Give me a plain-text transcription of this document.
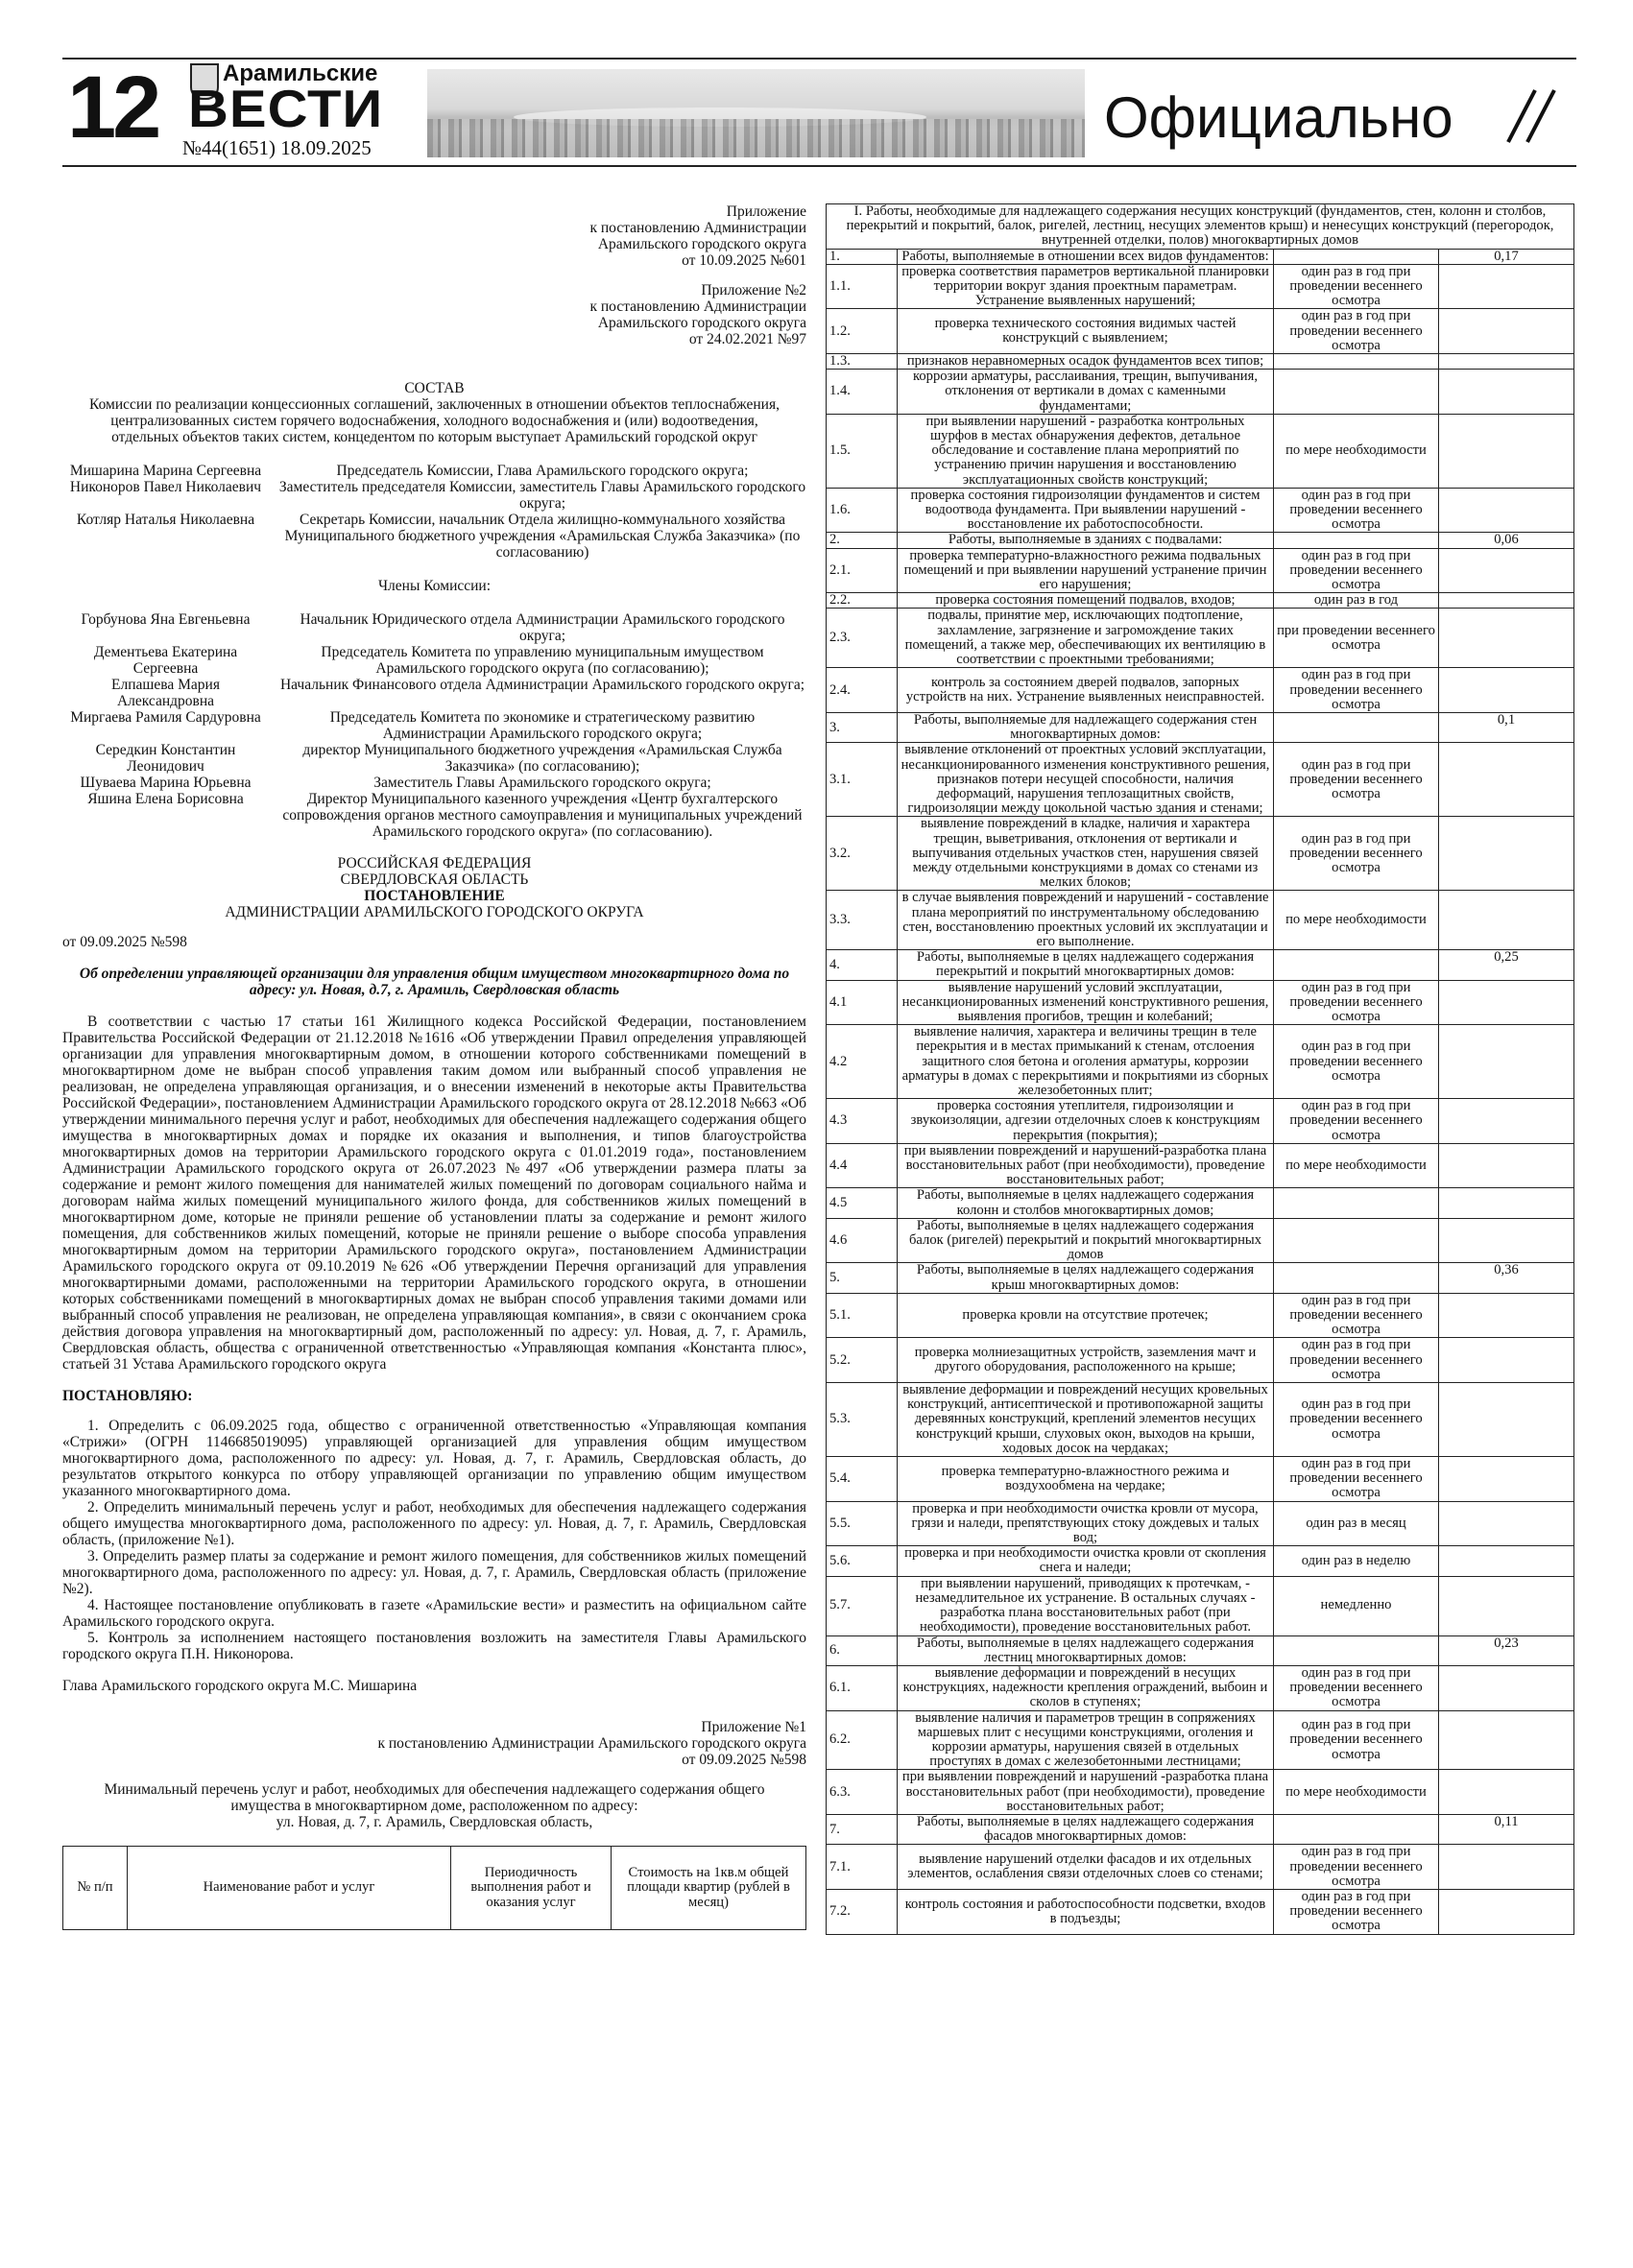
12	Арамильские
ВЕСТИ
№44(1651) 18.09.2025	Официально

Приложение

к постановлению Администрации

Арамильского городского округа

от 10.09.2025 №601

Приложение №2

к постановлению Администрации

Арамильского городского округа

от 24.02.2021 №97

СОСТАВ

Комиссии по реализации концессионных соглашений, заключенных в отношении объектов теплоснабжения, централизованных систем горячего водоснабжения, холодного водоснабжения и (или) водоотведения, отдельных объектов таких систем, концедентом по которым выступает Арамильский городской округ

Мишарина Марина Сергеевна	Председатель Комиссии, Глава Арамильского городского округа;
Никоноров Павел Николаевич	Заместитель председателя Комиссии, заместитель Главы Арамильского городского округа;
Котляр Наталья Николаевна	Секретарь Комиссии, начальник Отдела жилищно-коммунального хозяйства Муниципального бюджетного учреждения «Арамильская Служба Заказчика» (по согласованию)

Члены Комиссии:

Горбунова Яна Евгеньевна	Начальник Юридического отдела Администрации Арамильского городского округа;
Дементьева Екатерина Сергеевна	Председатель Комитета по управлению муниципальным имуществом Арамильского городского округа (по согласованию);
Елпашева Мария Александровна	Начальник Финансового отдела Администрации Арамильского городского округа;
Миргаева Рамиля Сардуровна	Председатель Комитета по экономике и стратегическому развитию Администрации Арамильского городского округа;
Середкин Константин Леонидович	директор Муниципального бюджетного учреждения «Арамильская Служба Заказчика» (по согласованию);
Шуваева Марина Юрьевна	Заместитель Главы Арамильского городского округа;
Яшина Елена Борисовна	Директор Муниципального казенного учреждения «Центр бухгалтерского сопровождения органов местного самоуправления и муниципальных учреждений Арамильского городского округа» (по согласованию).

РОССИЙСКАЯ ФЕДЕРАЦИЯ

СВЕРДЛОВСКАЯ ОБЛАСТЬ

ПОСТАНОВЛЕНИЕ

АДМИНИСТРАЦИИ АРАМИЛЬСКОГО ГОРОДСКОГО ОКРУГА

от 09.09.2025 №598

Об определении управляющей организации для управления общим имуществом многоквартирного дома по адресу: ул. Новая, д.7, г. Арамиль, Свердловская область

В соответствии с частью 17 статьи 161 Жилищного кодекса Российской Федерации, постановлением Правительства Российской Федерации от 21.12.2018 №1616 «Об утверждении Правил определения управляющей организации для управления многоквартирным домом, в отношении которого собственниками помещений в многоквартирном доме не выбран способ управления таким домом или выбранный способ управления не реализован, не определена управляющая организация, и о внесении изменений в некоторые акты Правительства Российской Федерации», постановлением Администрации Арамильского городского округа от 28.12.2018 №663 «Об утверждении минимального перечня услуг и работ, необходимых для обеспечения надлежащего содержания общего имущества в многоквартирных домах и порядке их оказания и выполнения, и типов благоустройства многоквартирных домов на территории Арамильского городского округа с 01.01.2019 года», постановлением Администрации Арамильского городского округа от 26.07.2023 №497 «Об утверждении размера платы за содержание и ремонт жилого помещения для нанимателей жилых помещений по договорам социального найма и договорам найма жилых помещений муниципального жилого фонда, для собственников жилых помещений в многоквартирном доме, которые не приняли решение об установлении платы за содержание и ремонт жилого помещения, для собственников жилых помещений, которые не приняли решение о выборе способа управления многоквартирным домом на территории Арамильского городского округа», постановлением Администрации Арамильского городского округа от 09.10.2019 №626 «Об утверждении Перечня организаций для управления многоквартирными домами, расположенными на территории Арамильского городского округа, в отношении которых собственниками помещений в многоквартирных домах не выбран способ управления такими домами или выбранный способ управления не реализован, не определена управляющая компания», в связи с окончанием срока действия договора управления на многоквартирный дом, расположенный по адресу: ул. Новая, д. 7, г. Арамиль, Свердловская область, общества с ограниченной ответственностью «Управляющая компания «Константа плюс», статьей 31 Устава Арамильского городского округа

ПОСТАНОВЛЯЮ:

1. Определить с 06.09.2025 года, общество с ограниченной ответственностью «Управляющая компания «Стрижи» (ОГРН 1146685019095) управляющей организацией для управления общим имуществом многоквартирного дома, расположенного по адресу: ул. Новая, д. 7, г. Арамиль, Свердловская область, до результатов открытого конкурса по отбору управляющей организации по управлению общим имуществом указанного многоквартирного дома.

2. Определить минимальный перечень услуг и работ, необходимых для обеспечения надлежащего содержания общего имущества многоквартирного дома, расположенного по адресу: ул. Новая, д. 7, г. Арамиль, Свердловская область, (приложение №1).

3. Определить размер платы за содержание и ремонт жилого помещения, для собственников жилых помещений многоквартирного дома, расположенного по адресу: ул. Новая, д. 7, г. Арамиль, Свердловская область (приложение №2).

4. Настоящее постановление опубликовать в газете «Арамильские вести» и разместить на официальном сайте Арамильского городского округа.

5. Контроль за исполнением настоящего постановления возложить на заместителя Главы Арамильского городского округа П.Н. Никонорова.

Глава Арамильского городского округа М.С. Мишарина

Приложение №1

к постановлению Администрации Арамильского городского округа

от 09.09.2025 №598

Минимальный перечень услуг и работ, необходимых для обеспечения надлежащего содержания общего имущества в многоквартирном доме, расположенном по адресу:

ул. Новая, д. 7, г. Арамиль, Свердловская область,

№ п/п	Наименование работ и услуг	Периодичность выполнения работ и оказания услуг	Стоимость на 1кв.м общей площади квартир (рублей в месяц)
I. Работы, необходимые для надлежащего содержания несущих конструкций (фундаментов, стен, колонн и столбов, перекрытий и покрытий, балок, ригелей, лестниц, несущих элементов крыш) и ненесущих конструкций (перегородок, внутренней отделки, полов) многоквартирных домов			
1.	Работы, выполняемые в отношении всех видов фундаментов:		0,17
1.1.	проверка соответствия параметров вертикальной планировки территории вокруг здания проектным параметрам. Устранение выявленных нарушений;	один раз в год при проведении весеннего осмотра	
1.2.	проверка технического состояния видимых частей конструкций с выявлением;	один раз в год при проведении весеннего осмотра	
1.3.	признаков неравномерных осадок фундаментов всех типов;		
1.4.	коррозии арматуры, расслаивания, трещин, выпучивания, отклонения от вертикали в домах с каменными фундаментами;		
1.5.	при выявлении нарушений - разработка контрольных шурфов в местах обнаружения дефектов, детальное обследование и составление плана мероприятий по устранению причин нарушения и восстановлению эксплуатационных свойств конструкций;	по мере необходимости	
1.6.	проверка состояния гидроизоляции фундаментов и систем водоотвода фундамента. При выявлении нарушений - восстановление их работоспособности.	один раз в год при проведении весеннего осмотра	
2.	Работы, выполняемые в зданиях с подвалами:		0,06
2.1.	проверка температурно-влажностного режима подвальных помещений и при выявлении нарушений устранение причин его нарушения;	один раз в год при проведении весеннего осмотра	
2.2.	проверка состояния помещений подвалов, входов;	один раз в год	
2.3.	подвалы, принятие мер, исключающих подтопление, захламление, загрязнение и загромождение таких помещений, а также мер, обеспечивающих их вентиляцию в соответствии с проектными требованиями;	при проведении весеннего осмотра	
2.4.	контроль за состоянием дверей подвалов, запорных устройств на них. Устранение выявленных неисправностей.	один раз в год при проведении весеннего осмотра	
3.	Работы, выполняемые для надлежащего содержания стен многоквартирных домов:		0,1
3.1.	выявление отклонений от проектных условий эксплуатации, несанкционированного изменения конструктивного решения, признаков потери несущей способности, наличия деформаций, нарушения теплозащитных свойств, гидроизоляции между цокольной частью здания и стенами;	один раз в год при проведении весеннего осмотра	
3.2.	выявление повреждений в кладке, наличия и характера трещин, выветривания, отклонения от вертикали и выпучивания отдельных участков стен, нарушения связей между отдельными конструкциями в домах со стенами из мелких блоков;	один раз в год при проведении весеннего осмотра	
3.3.	в случае выявления повреждений и нарушений - составление плана мероприятий по инструментальному обследованию стен, восстановлению проектных условий их эксплуатации и его выполнение.	по мере необходимости	
4.	Работы, выполняемые в целях надлежащего содержания перекрытий и покрытий многоквартирных домов:		0,25
4.1	выявление нарушений условий эксплуатации, несанкционированных изменений конструктивного решения, выявления прогибов, трещин и колебаний;	один раз в год при проведении весеннего осмотра	
4.2	выявление наличия, характера и величины трещин в теле перекрытия и в местах примыканий к стенам, отслоения защитного слоя бетона и оголения арматуры, коррозии арматуры в домах с перекрытиями и покрытиями из сборных железобетонных плит;	один раз в год при проведении весеннего осмотра	
4.3	проверка состояния утеплителя, гидроизоляции и звукоизоляции, адгезии отделочных слоев к конструкциям перекрытия (покрытия);	один раз в год при проведении весеннего осмотра	
4.4	при выявлении повреждений и нарушений-разработка плана восстановительных работ (при необходимости), проведение восстановительных работ;	по мере необходимости	
4.5	Работы, выполняемые в целях надлежащего содержания колонн и столбов многоквартирных домов;		
4.6	Работы, выполняемые в целях надлежащего содержания балок (ригелей) перекрытий и покрытий многоквартирных домов		
5.	Работы, выполняемые в целях надлежащего содержания крыш многоквартирных домов:		0,36
5.1.	проверка кровли на отсутствие протечек;	один раз в год при проведении весеннего осмотра	
5.2.	проверка молниезащитных устройств, заземления мачт и другого оборудования, расположенного на крыше;	один раз в год при проведении весеннего осмотра	
5.3.	выявление деформации и повреждений несущих кровельных конструкций, антисептической и противопожарной защиты деревянных конструкций, креплений элементов несущих конструкций крыши, слуховых окон, выходов на крыши, ходовых досок на чердаках;	один раз в год при проведении весеннего осмотра	
5.4.	проверка температурно-влажностного режима и воздухообмена на чердаке;	один раз в год при проведении весеннего осмотра	
5.5.	проверка и при необходимости очистка кровли от мусора, грязи и наледи, препятствующих стоку дождевых и талых вод;	один раз в месяц	
5.6.	проверка и при необходимости очистка кровли от скопления снега и наледи;	один раз в неделю	
5.7.	при выявлении нарушений, приводящих к протечкам, - незамедлительное их устранение. В остальных случаях - разработка плана восстановительных работ (при необходимости), проведение восстановительных работ.	немедленно	
6.	Работы, выполняемые в целях надлежащего содержания лестниц многоквартирных домов:		0,23
6.1.	выявление деформации и повреждений в несущих конструкциях, надежности крепления ограждений, выбоин и сколов в ступенях;	один раз в год при проведении весеннего осмотра	
6.2.	выявление наличия и параметров трещин в сопряжениях маршевых плит с несущими конструкциями, оголения и коррозии арматуры, нарушения связей в отдельных проступях в домах с железобетонными лестницами;	один раз в год при проведении весеннего осмотра	
6.3.	при выявлении повреждений и нарушений -разработка плана восстановительных работ (при необходимости), проведение восстановительных работ;	по мере необходимости	
7.	Работы, выполняемые в целях надлежащего содержания фасадов многоквартирных домов:		0,11
7.1.	выявление нарушений отделки фасадов и их отдельных элементов, ослабления связи отделочных слоев со стенами;	один раз в год при проведении весеннего осмотра	
7.2.	контроль состояния и работоспособности подсветки, входов в подъезды;	один раз в год при проведении весеннего осмотра	
